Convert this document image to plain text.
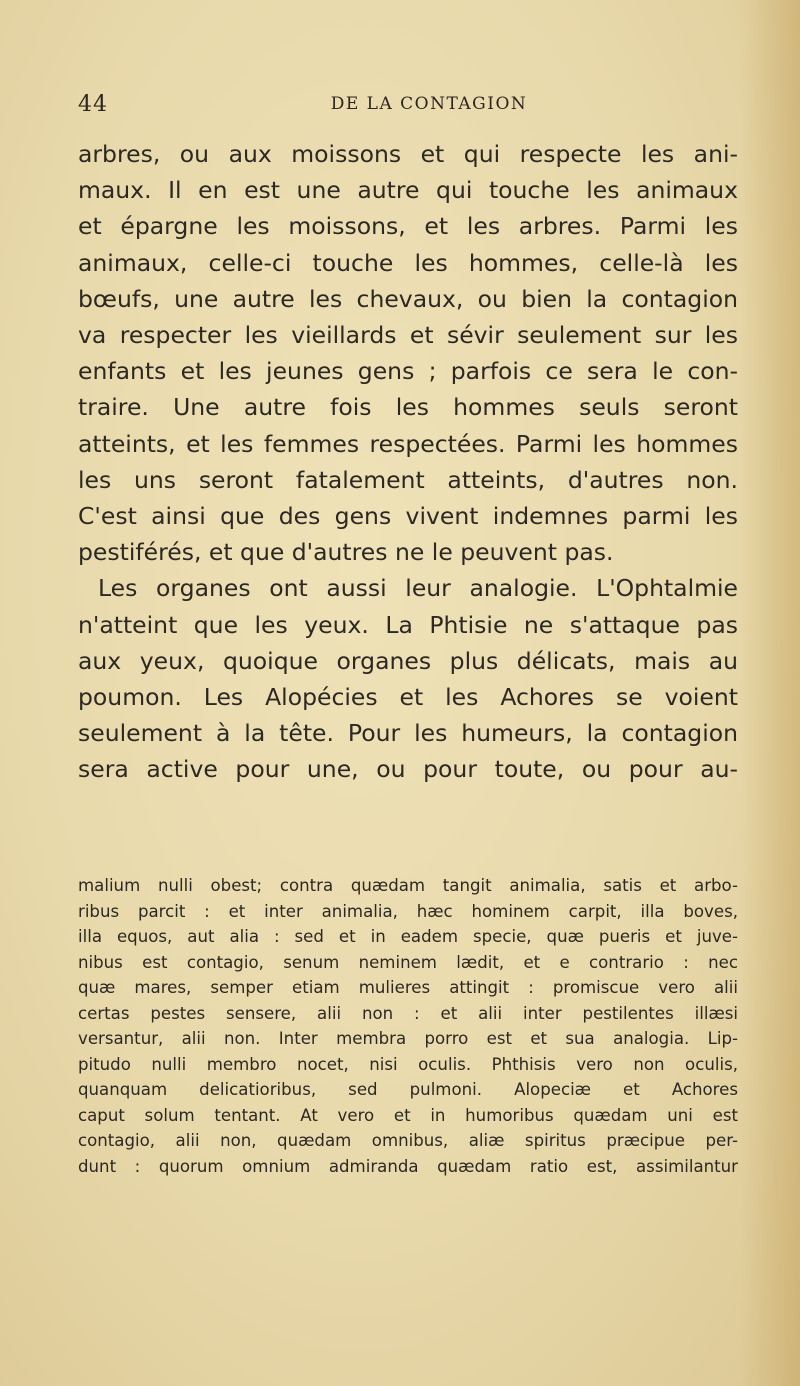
44	DE LA CONTAGION
arbres, ou aux moissons et qui respecte les ani-
maux. Il en est une autre qui touche les animaux
et épargne les moissons, et les arbres. Parmi les
animaux, celle-ci touche les hommes, celle-là les
bœufs, une autre les chevaux, ou bien la contagion
va respecter les vieillards et sévir seulement sur les
enfants et les jeunes gens ; parfois ce sera le con-
traire. Une autre fois les hommes seuls seront
atteints, et les femmes respectées. Parmi les hommes
les uns seront fatalement atteints, d'autres non.
C'est ainsi que des gens vivent indemnes parmi les
pestiférés, et que d'autres ne le peuvent pas.
Les organes ont aussi leur analogie. L'Ophtalmie
n'atteint que les yeux. La Phtisie ne s'attaque pas
aux yeux, quoique organes plus délicats, mais au
poumon. Les Alopécies et les Achores se voient
seulement à la tête. Pour les humeurs, la contagion
sera active pour une, ou pour toute, ou pour au-
malium nulli obest; contra quædam tangit animalia, satis et arbo-
ribus parcit : et inter animalia, hæc hominem carpit, illa boves,
illa equos, aut alia : sed et in eadem specie, quæ pueris et juve-
nibus est contagio, senum neminem lædit, et e contrario : nec
quæ mares, semper etiam mulieres attingit : promiscue vero alii
certas pestes sensere, alii non : et alii inter pestilentes illæsi
versantur, alii non. Inter membra porro est et sua analogia. Lip-
pitudo nulli membro nocet, nisi oculis. Phthisis vero non oculis,
quanquam delicatioribus, sed pulmoni. Alopeciæ et Achores
caput solum tentant. At vero et in humoribus quædam uni est
contagio, alii non, quædam omnibus, aliæ spiritus præcipue per-
dunt : quorum omnium admiranda quædam ratio est, assimilantur
